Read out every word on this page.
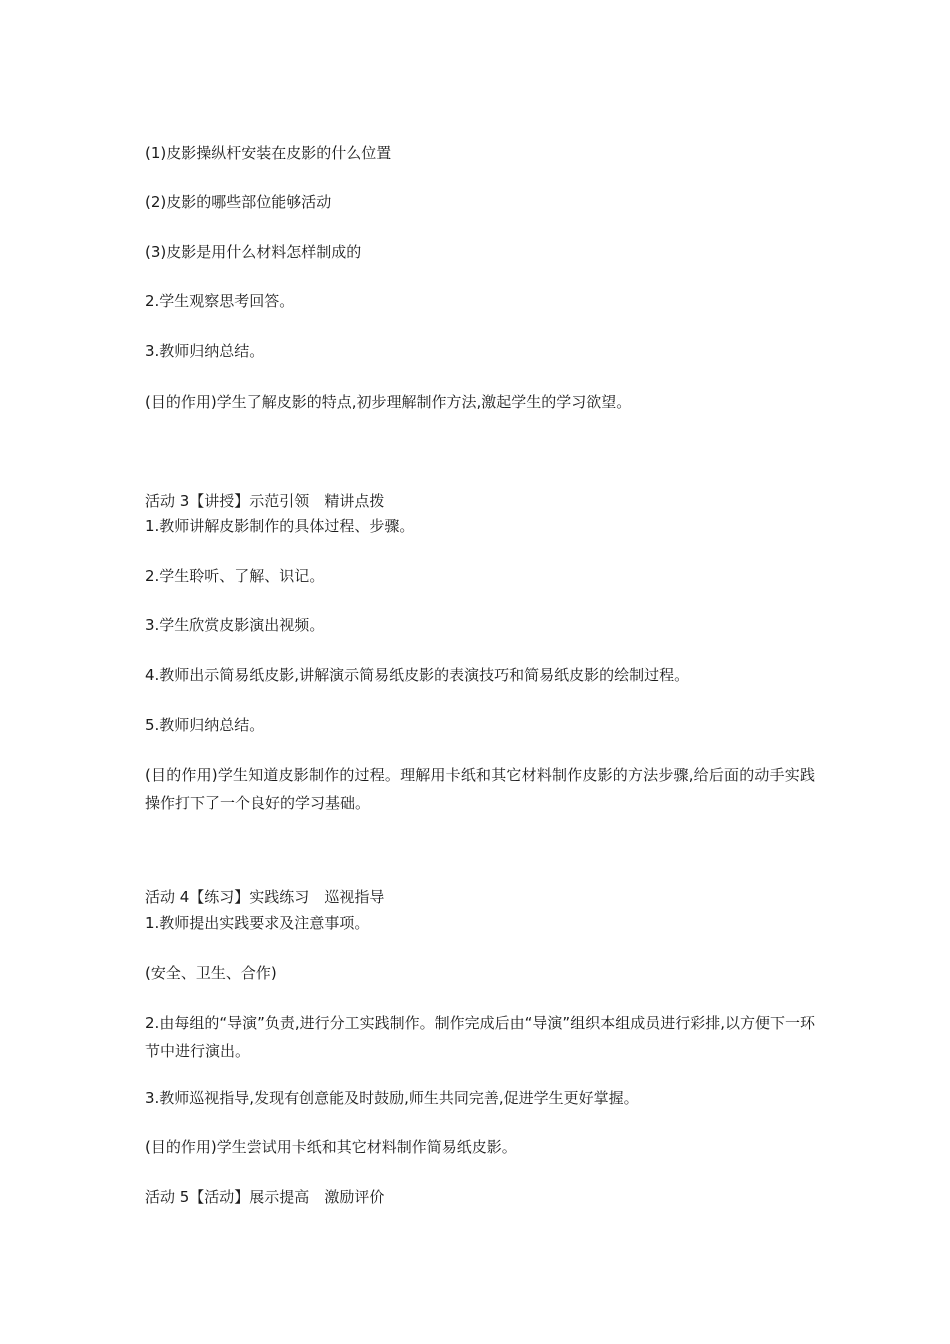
(1)皮影操纵杆安装在皮影的什么位置
(2)皮影的哪些部位能够活动
(3)皮影是用什么材料怎样制成的
2.学生观察思考回答。
3.教师归纳总结。
(目的作用)学生了解皮影的特点,初步理解制作方法,激起学生的学习欲望。
活动 3【讲授】示范引领　精讲点拨
1.教师讲解皮影制作的具体过程、步骤。
2.学生聆听、了解、识记。
3.学生欣赏皮影演出视频。
4.教师出示简易纸皮影,讲解演示简易纸皮影的表演技巧和简易纸皮影的绘制过程。
5.教师归纳总结。
(目的作用)学生知道皮影制作的过程。理解用卡纸和其它材料制作皮影的方法步骤,给后面的动手实践操作打下了一个良好的学习基础。
活动 4【练习】实践练习　巡视指导
1.教师提出实践要求及注意事项。
(安全、卫生、合作)
2.由每组的“导演”负责,进行分工实践制作。制作完成后由“导演”组织本组成员进行彩排,以方便下一环节中进行演出。
3.教师巡视指导,发现有创意能及时鼓励,师生共同完善,促进学生更好掌握。
(目的作用)学生尝试用卡纸和其它材料制作简易纸皮影。
活动 5【活动】展示提高　激励评价
